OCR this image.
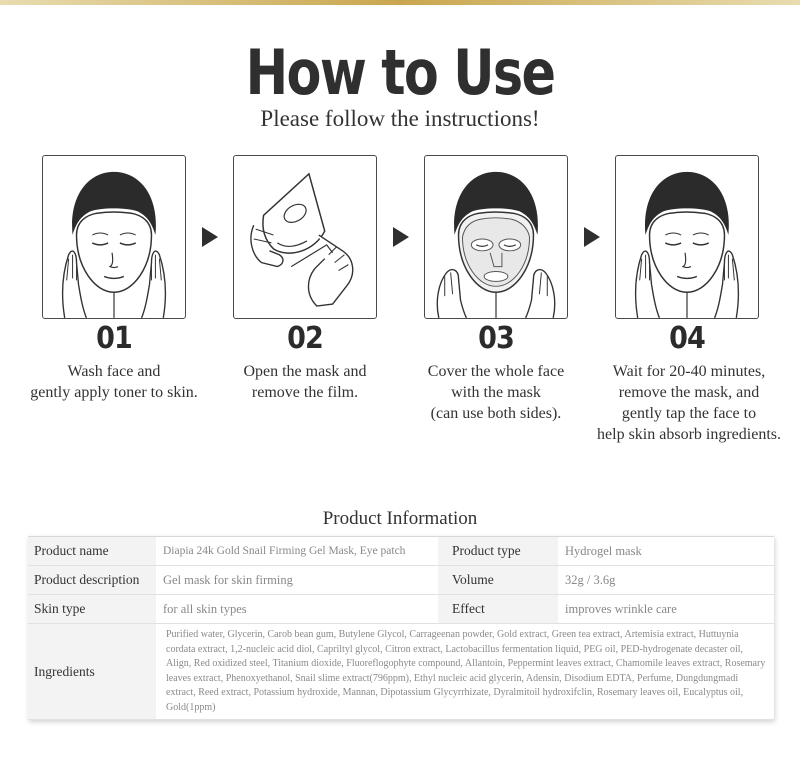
How to Use
Please follow the instructions!
01	02	03	04
Wash face and
gently apply toner to skin.
Open the mask and
remove the film.
Cover the whole face
with the mask
(can use both sides).
Wait for 20-40 minutes,
remove the mask, and
gently tap the face to
help skin absorb ingredients.
Product Information
Product name	Diapia 24k Gold Snail Firming Gel Mask, Eye patch	Product type	Hydrogel mask
Product description	Gel mask for skin firming	Volume	32g / 3.6g
Skin type	for all skin types	Effect	improves wrinkle care
Ingredients	Purified water, Glycerin, Carob bean gum, Butylene Glycol, Carrageenan powder, Gold extract, Green tea extract, Artemisia extract, Huttuynia cordata extract, 1,2-nucleic acid diol, Capriltyl glycol, Citron extract, Lactobacillus fermentation liquid, PEG oil, PED-hydrogenate decaster oil, Align, Red oxidized steel, Titanium dioxide, Fluoreflogophyte compound, Allantoin, Peppermint leaves extract, Chamomile leaves extract, Rosemary leaves extract, Phenoxyethanol, Snail slime extract(796ppm), Ethyl nucleic acid glycerin, Adensin, Disodium EDTA, Perfume, Dungdungmadi extract, Reed extract, Potassium hydroxide, Mannan, Dipotassium Glycyrrhizate, Dyralmitoil hydroxifclin, Rosemary leaves oil, Eucalyptus oil, Gold(1ppm)		
